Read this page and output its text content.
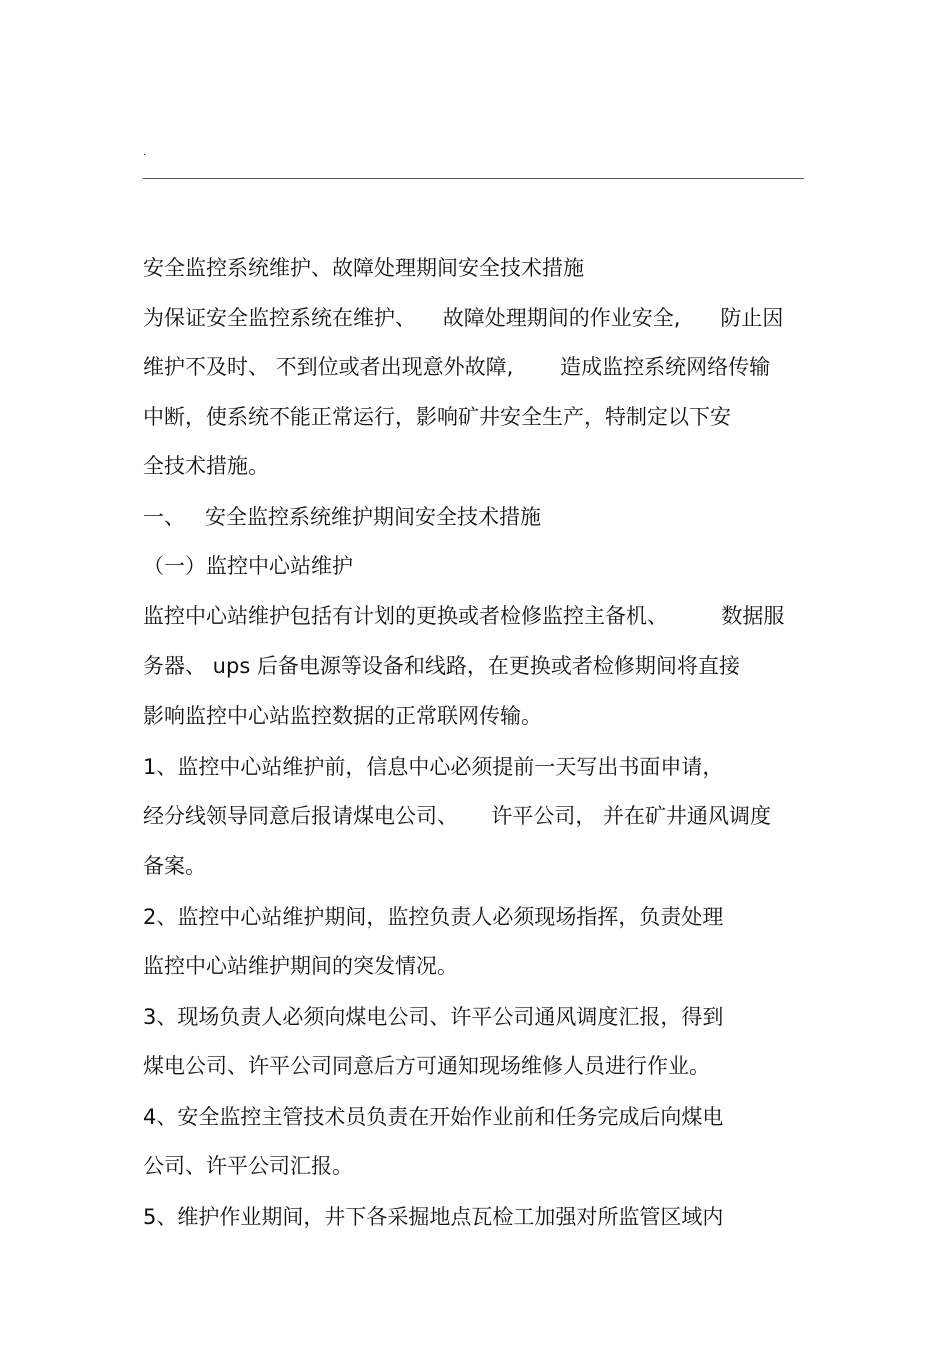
.
安全监控系统维护、故障处理期间安全技术措施
为保证安全监控系统在维护、    故障处理期间的作业安全,      防止因
维护不及时、 不到位或者出现意外故障,       造成监控系统网络传输
中断，使系统不能正常运行，影响矿井安全生产，特制定以下安
全技术措施。
一、   安全监控系统维护期间安全技术措施
（一）监控中心站维护
监控中心站维护包括有计划的更换或者检修监控主备机、        数据服
务器、 ups 后备电源等设备和线路，在更换或者检修期间将直接
影响监控中心站监控数据的正常联网传输。
1、监控中心站维护前，信息中心必须提前一天写出书面申请，
经分线领导同意后报请煤电公司、     许平公司， 并在矿井通风调度
备案。
2、监控中心站维护期间，监控负责人必须现场指挥，负责处理
监控中心站维护期间的突发情况。
3、现场负责人必须向煤电公司、许平公司通风调度汇报，得到
煤电公司、许平公司同意后方可通知现场维修人员进行作业。
4、安全监控主管技术员负责在开始作业前和任务完成后向煤电
公司、许平公司汇报。
5、维护作业期间，井下各采掘地点瓦检工加强对所监管区域内
